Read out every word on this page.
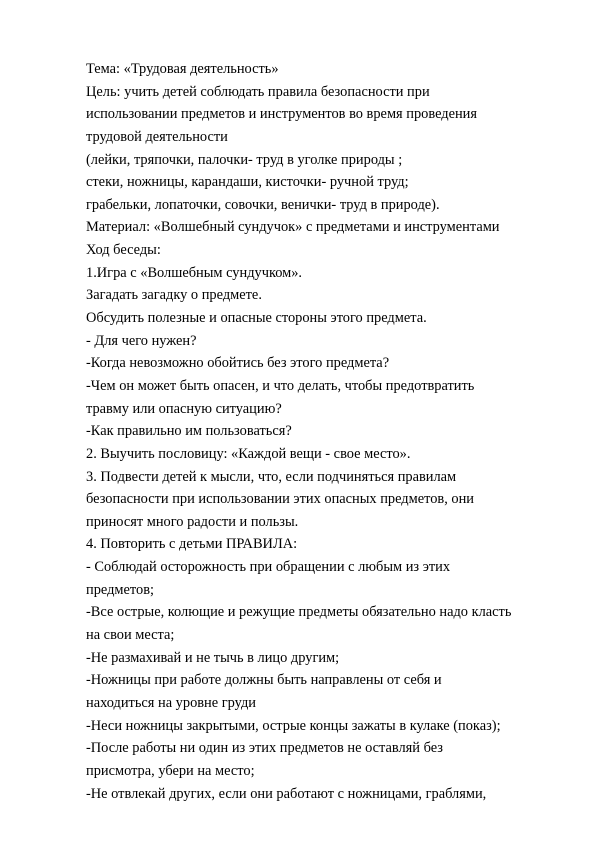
Тема: «Трудовая деятельность»
Цель: учить детей соблюдать правила безопасности при
использовании предметов и инструментов во время проведения
трудовой деятельности
(лейки, тряпочки, палочки- труд в уголке природы ;
стеки, ножницы, карандаши, кисточки- ручной труд;
грабельки, лопаточки, совочки, венички- труд в природе).
Материал: «Волшебный сундучок» с предметами и инструментами
Ход беседы:
1.Игра с «Волшебным сундучком».
Загадать загадку о предмете.
Обсудить полезные и опасные стороны этого предмета.
- Для чего нужен?
-Когда невозможно обойтись без этого предмета?
-Чем он может быть опасен, и что делать, чтобы предотвратить
травму или опасную ситуацию?
-Как правильно им пользоваться?
2. Выучить пословицу: «Каждой вещи - свое место».
3. Подвести детей к мысли, что, если подчиняться правилам
безопасности при использовании этих опасных предметов, они
приносят много радости и пользы.
4. Повторить с детьми ПРАВИЛА:
- Соблюдай осторожность при обращении с любым из этих
предметов;
-Все острые, колющие и режущие предметы обязательно надо класть
на свои места;
-Не размахивай и не тычь в лицо другим;
-Ножницы при работе должны быть направлены от себя и
находиться на уровне груди
-Неси ножницы закрытыми, острые концы зажаты в кулаке (показ);
-После работы ни один из этих предметов не оставляй без
присмотра, убери на место;
-Не отвлекай других, если они работают с ножницами, граблями,
